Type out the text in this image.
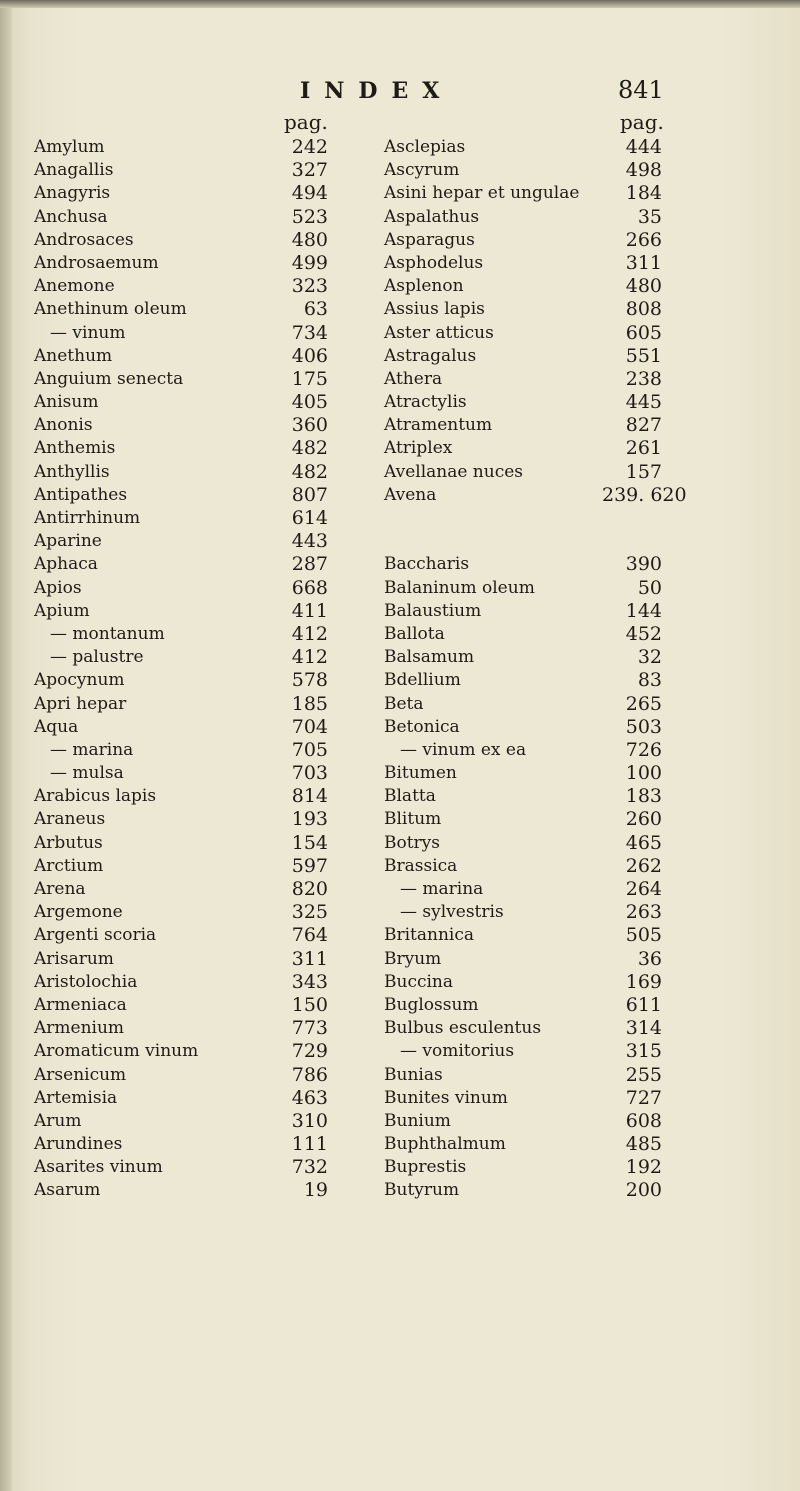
INDEX	841
pag.	pag.
Amylum	242
Anagallis	327
Anagyris	494
Anchusa	523
Androsaces	480
Androsaemum	499
Anemone	323
Anethinum oleum	63
— vinum	734
Anethum	406
Anguium senecta	175
Anisum	405
Anonis	360
Anthemis	482
Anthyllis	482
Antipathes	807
Antirrhinum	614
Aparine	443
Aphaca	287
Apios	668
Apium	411
— montanum	412
— palustre	412
Apocynum	578
Apri hepar	185
Aqua	704
— marina	705
— mulsa	703
Arabicus lapis	814
Araneus	193
Arbutus	154
Arctium	597
Arena	820
Argemone	325
Argenti scoria	764
Arisarum	311
Aristolochia	343
Armeniaca	150
Armenium	773
Aromaticum vinum	729
Arsenicum	786
Artemisia	463
Arum	310
Arundines	111
Asarites vinum	732
Asarum	19
Asclepias	444
Ascyrum	498
Asini hepar et ungulae	184
Aspalathus	35
Asparagus	266
Asphodelus	311
Asplenon	480
Assius lapis	808
Aster atticus	605
Astragalus	551
Athera	238
Atractylis	445
Atramentum	827
Atriplex	261
Avellanae nuces	157
Avena	239. 620
Baccharis	390
Balaninum oleum	50
Balaustium	144
Ballota	452
Balsamum	32
Bdellium	83
Beta	265
Betonica	503
— vinum ex ea	726
Bitumen	100
Blatta	183
Blitum	260
Botrys	465
Brassica	262
— marina	264
— sylvestris	263
Britannica	505
Bryum	36
Buccina	169
Buglossum	611
Bulbus esculentus	314
— vomitorius	315
Bunias	255
Bunites vinum	727
Bunium	608
Buphthalmum	485
Buprestis	192
Butyrum	200
